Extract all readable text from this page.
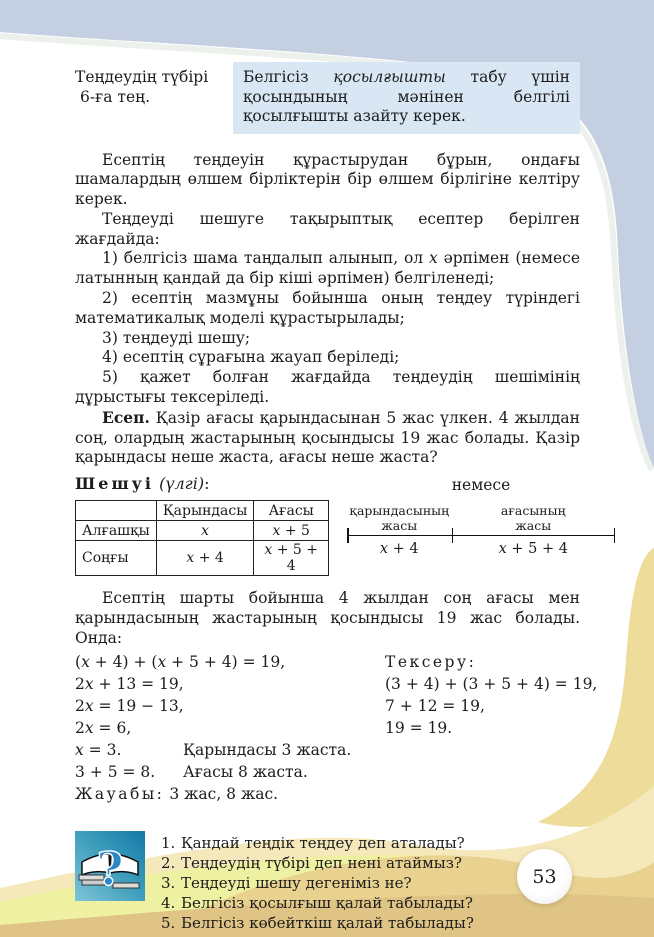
Теңдеудің түбірі
6-ға тең.
Белгісіз қосылғышты табу үшін қосындының мәнінен белгілі қосылғышты азайту керек.

Есептің теңдеуін құрастырудан бұрын, ондағы шамалардың өлшем бірліктерін бір өлшем бірлігіне келтіру керек.

Теңдеуді шешуге тақырыптық есептер берілген жағдайда:

1) белгісіз шама таңдалып алынып, ол x әрпімен (немесе латынның қандай да бір кіші әрпімен) белгіленеді;

2) есептің мазмұны бойынша оның теңдеу түріндегі математикалық моделі құрастырылады;

3) теңдеуді шешу;

4) есептің сұрағына жауап беріледі;

5) қажет болған жағдайда теңдеудің шешімінің дұрыстығы тексеріледі.

Есеп. Қазір ағасы қарындасынан 5 жас үлкен. 4 жылдан соң, олардың жастарының қосындысы 19 жас болады. Қазір қарындасы неше жаста, ағасы неше жаста?

Шешуі (үлгі):
	Қарындасы	Ағасы
Алғашқы	x	x + 5
Соңғы	x + 4	x + 5 + 4
немесе
қарындасының
жасы
ағасының
жасы
x + 4	x + 5 + 4

Есептің шарты бойынша 4 жылдан соң ағасы мен қарындасының жастарының қосындысы 19 жас болады. Онда:

(x + 4) + (x + 5 + 4) = 19,
2x + 13 = 19,
2x = 19 − 13,
2x = 6,
x = 3.	Қарындасы 3 жаста.
3 + 5 = 8. Ағасы 8 жаста.
Жауабы: 3 жас, 8 жас.
Тексеру:
(3 + 4) + (3 + 5 + 4) = 19,
7 + 12 = 19,
19 = 19.
?	1. Қандай теңдік теңдеу деп аталады?
2. Теңдеудің түбірі деп нені атаймыз?
3. Теңдеуді шешу дегеніміз не?
4. Белгісіз қосылғыш қалай табылады?
5. Белгісіз көбейткіш қалай табылады?
53
